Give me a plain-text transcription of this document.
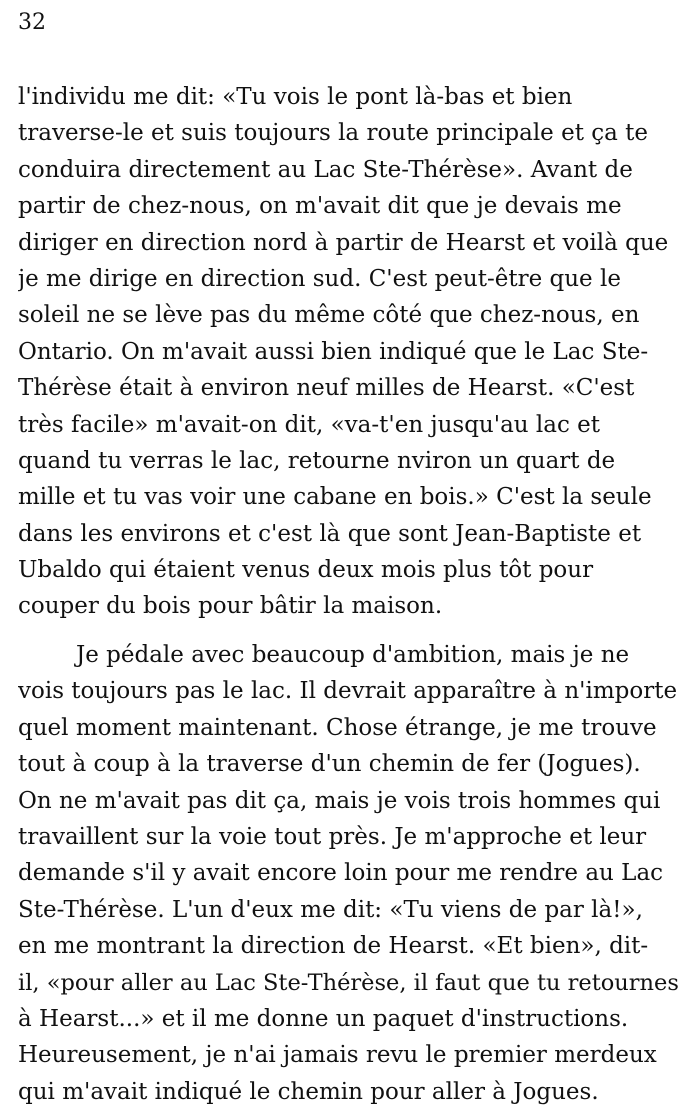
32
l'individu me dit: «Tu vois le pont là-bas et bien
traverse-le et suis toujours la route principale et ça te
conduira directement au Lac Ste-Thérèse». Avant de
partir de chez-nous, on m'avait dit que je devais me
diriger en direction nord à partir de Hearst et voilà que
je me dirige en direction sud. C'est peut-être que le
soleil ne se lève pas du même côté que chez-nous, en
Ontario. On m'avait aussi bien indiqué que le Lac Ste-
Thérèse était à environ neuf milles de Hearst. «C'est
très facile» m'avait-on dit, «va-t'en jusqu'au lac et
quand tu verras le lac, retourne nviron un quart de
mille et tu vas voir une cabane en bois.» C'est la seule
dans les environs et c'est là que sont Jean-Baptiste et
Ubaldo qui étaient venus deux mois plus tôt pour
couper du bois pour bâtir la maison.
Je pédale avec beaucoup d'ambition, mais je ne
vois toujours pas le lac. Il devrait apparaître à n'importe
quel moment maintenant. Chose étrange, je me trouve
tout à coup à la traverse d'un chemin de fer (Jogues).
On ne m'avait pas dit ça, mais je vois trois hommes qui
travaillent sur la voie tout près. Je m'approche et leur
demande s'il y avait encore loin pour me rendre au Lac
Ste-Thérèse. L'un d'eux me dit: «Tu viens de par là!»,
en me montrant la direction de Hearst. «Et bien», dit-
il, «pour aller au Lac Ste-Thérèse, il faut que tu retournes
à Hearst...» et il me donne un paquet d'instructions.
Heureusement, je n'ai jamais revu le premier merdeux
qui m'avait indiqué le chemin pour aller à Jogues.
